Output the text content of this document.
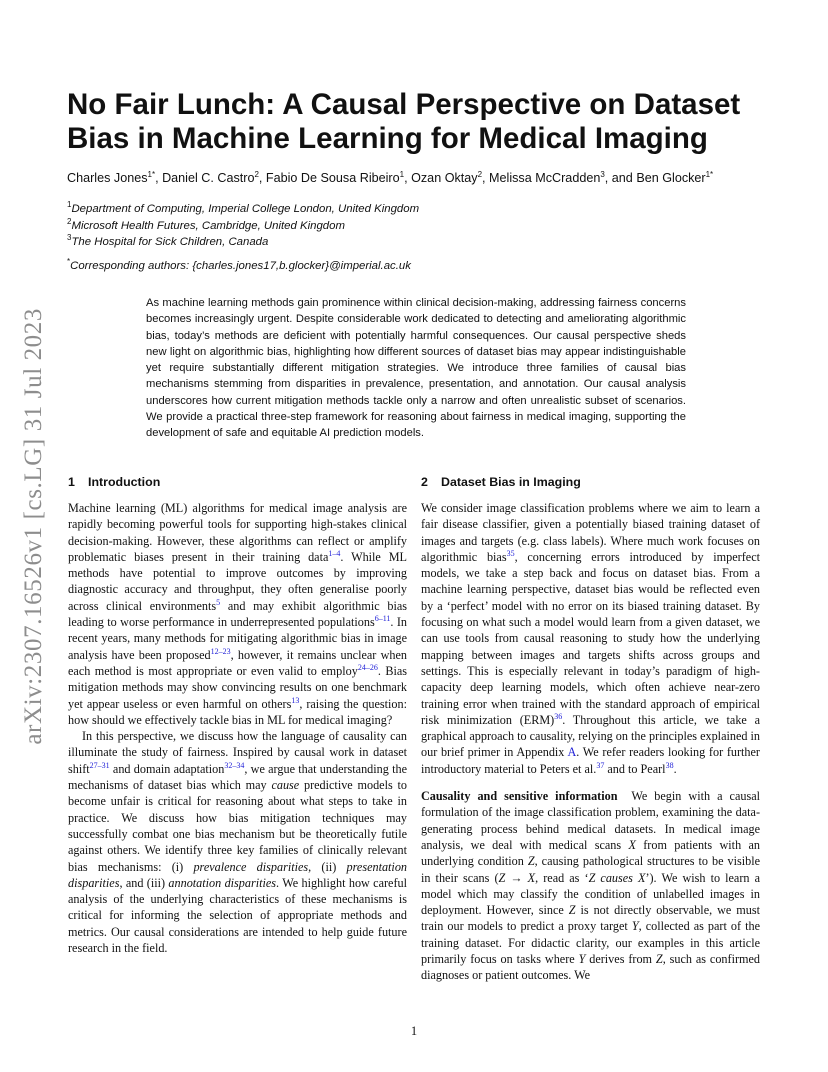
arXiv:2307.16526v1 [cs.LG] 31 Jul 2023
No Fair Lunch: A Causal Perspective on Dataset Bias in Machine Learning for Medical Imaging
Charles Jones$^{1*}$, Daniel C. Castro$^2$, Fabio De Sousa Ribeiro$^1$, Ozan Oktay$^2$, Melissa McCradden$^3$, and Ben Glocker$^{1*}$
$^1$Department of Computing, Imperial College London, United Kingdom
$^2$Microsoft Health Futures, Cambridge, United Kingdom
$^3$The Hospital for Sick Children, Canada
*Corresponding authors: {charles.jones17,b.glocker}@imperial.ac.uk

As machine learning methods gain prominence within clinical decision-making, addressing fairness concerns becomes increasingly urgent. Despite considerable work dedicated to detecting and ameliorating algorithmic bias, today’s methods are deficient with potentially harmful consequences. Our causal perspective sheds new light on algorithmic bias, highlighting how different sources of dataset bias may appear indistinguishable yet require substantially different mitigation strategies. We introduce three families of causal bias mechanisms stemming from disparities in prevalence, presentation, and annotation. Our causal analysis underscores how current mitigation methods tackle only a narrow and often unrealistic subset of scenarios. We provide a practical three-step framework for reasoning about fairness in medical imaging, supporting the development of safe and equitable AI prediction models.

1 Introduction

Machine learning (ML) algorithms for medical image analysis are rapidly becoming powerful tools for supporting high-stakes clinical decision-making. However, these algorithms can reflect or amplify problematic biases present in their training data$^{1-4}$. While ML methods have potential to improve outcomes by improving diagnostic accuracy and throughput, they often generalise poorly across clinical environments$^5$ and may exhibit algorithmic bias leading to worse performance in underrepresented populations$^{6-11}$. In recent years, many methods for mitigating algorithmic bias in image analysis have been proposed$^{12-23}$, however, it remains unclear when each method is most appropriate or even valid to employ$^{24-26}$. Bias mitigation methods may show convincing results on one benchmark yet appear useless or even harmful on others$^{13}$, raising the question: how should we effectively tackle bias in ML for medical imaging?

In this perspective, we discuss how the language of causality can illuminate the study of fairness. Inspired by causal work in dataset shift$^{27-31}$ and domain adaptation$^{32-34}$, we argue that understanding the mechanisms of dataset bias which may cause predictive models to become unfair is critical for reasoning about what steps to take in practice. We discuss how bias mitigation techniques may successfully combat one bias mechanism but be theoretically futile against others. We identify three key families of clinically relevant bias mechanisms: (i) prevalence disparities, (ii) presentation disparities, and (iii) annotation disparities. We highlight how careful analysis of the underlying characteristics of these mechanisms is critical for informing the selection of appropriate methods and metrics. Our causal considerations are intended to help guide future research in the field.

2 Dataset Bias in Imaging

We consider image classification problems where we aim to learn a fair disease classifier, given a potentially biased training dataset of images and targets (e.g. class labels). Where much work focuses on algorithmic bias$^{35}$, concerning errors introduced by imperfect models, we take a step back and focus on dataset bias. From a machine learning perspective, dataset bias would be reflected even by a ‘perfect’ model with no error on its biased training dataset. By focusing on what such a model would learn from a given dataset, we can use tools from causal reasoning to study how the underlying mapping between images and targets shifts across groups and settings. This is especially relevant in today’s paradigm of high-capacity deep learning models, which often achieve near-zero training error when trained with the standard approach of empirical risk minimization (ERM)$^{36}$. Throughout this article, we take a graphical approach to causality, relying on the principles explained in our brief primer in Appendix A. We refer readers looking for further introductory material to Peters et al.$^{37}$ and to Pearl$^{38}$.

Causality and sensitive information We begin with a causal formulation of the image classification problem, examining the data-generating process behind medical datasets. In medical image analysis, we deal with medical scans X from patients with an underlying condition Z, causing pathological structures to be visible in their scans (Z → X, read as ‘Z causes X’). We wish to learn a model which may classify the condition of unlabelled images in deployment. However, since Z is not directly observable, we must train our models to predict a proxy target Y, collected as part of the training dataset. For didactic clarity, our examples in this article primarily focus on tasks where Y derives from Z, such as confirmed diagnoses or patient outcomes. We

1
